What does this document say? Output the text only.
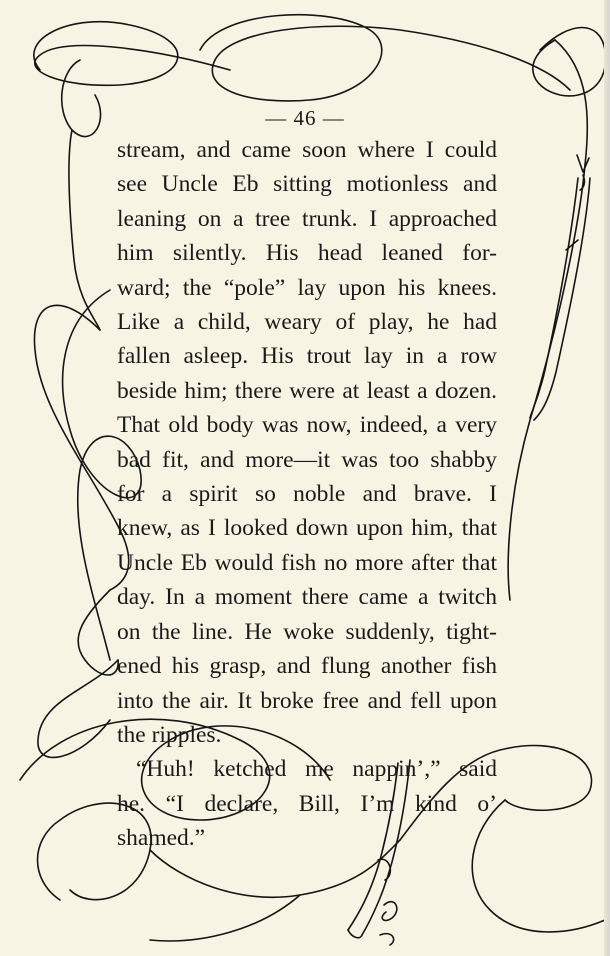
— 46 —
stream, and came soon where I could
see Uncle Eb sitting motionless and
leaning on a tree trunk. I approached
him silently. His head leaned for-
ward; the “pole” lay upon his knees.
Like a child, weary of play, he had
fallen asleep. His trout lay in a row
beside him; there were at least a dozen.
That old body was now, indeed, a very
bad fit, and more—it was too shabby
for a spirit so noble and brave. I
knew, as I looked down upon him, that
Uncle Eb would fish no more after that
day. In a moment there came a twitch
on the line. He woke suddenly, tight-
ened his grasp, and flung another fish
into the air. It broke free and fell upon
the ripples.
“Huh! ketched me nappin’,” said
he. “I declare, Bill, I’m kind o’
shamed.”
